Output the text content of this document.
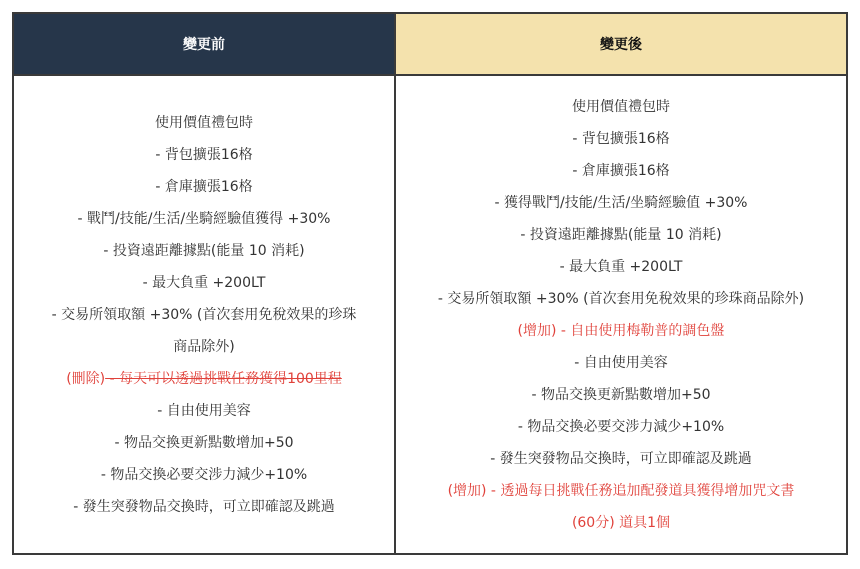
變更前
使用價值禮包時
- 背包擴張16格
- 倉庫擴張16格
- 戰鬥/技能/生活/坐騎經驗值獲得 +30%
- 投資遠距離據點(能量 10 消耗)
- 最大負重 +200LT
- 交易所領取額 +30% (首次套用免稅效果的珍珠
商品除外)
(刪除) - 每天可以透過挑戰任務獲得100里程
- 自由使用美容
- 物品交換更新點數增加+50
- 物品交換必要交涉力減少+10%
- 發生突發物品交換時，可立即確認及跳過
變更後
使用價值禮包時
- 背包擴張16格
- 倉庫擴張16格
- 獲得戰鬥/技能/生活/坐騎經驗值 +30%
- 投資遠距離據點(能量 10 消耗)
- 最大負重 +200LT
- 交易所領取額 +30% (首次套用免稅效果的珍珠商品除外)
(增加) - 自由使用梅勒普的調色盤
- 自由使用美容
- 物品交換更新點數增加+50
- 物品交換必要交涉力減少+10%
- 發生突發物品交換時，可立即確認及跳過
(增加) - 透過每日挑戰任務追加配發道具獲得增加咒文書
(60分) 道具1個
